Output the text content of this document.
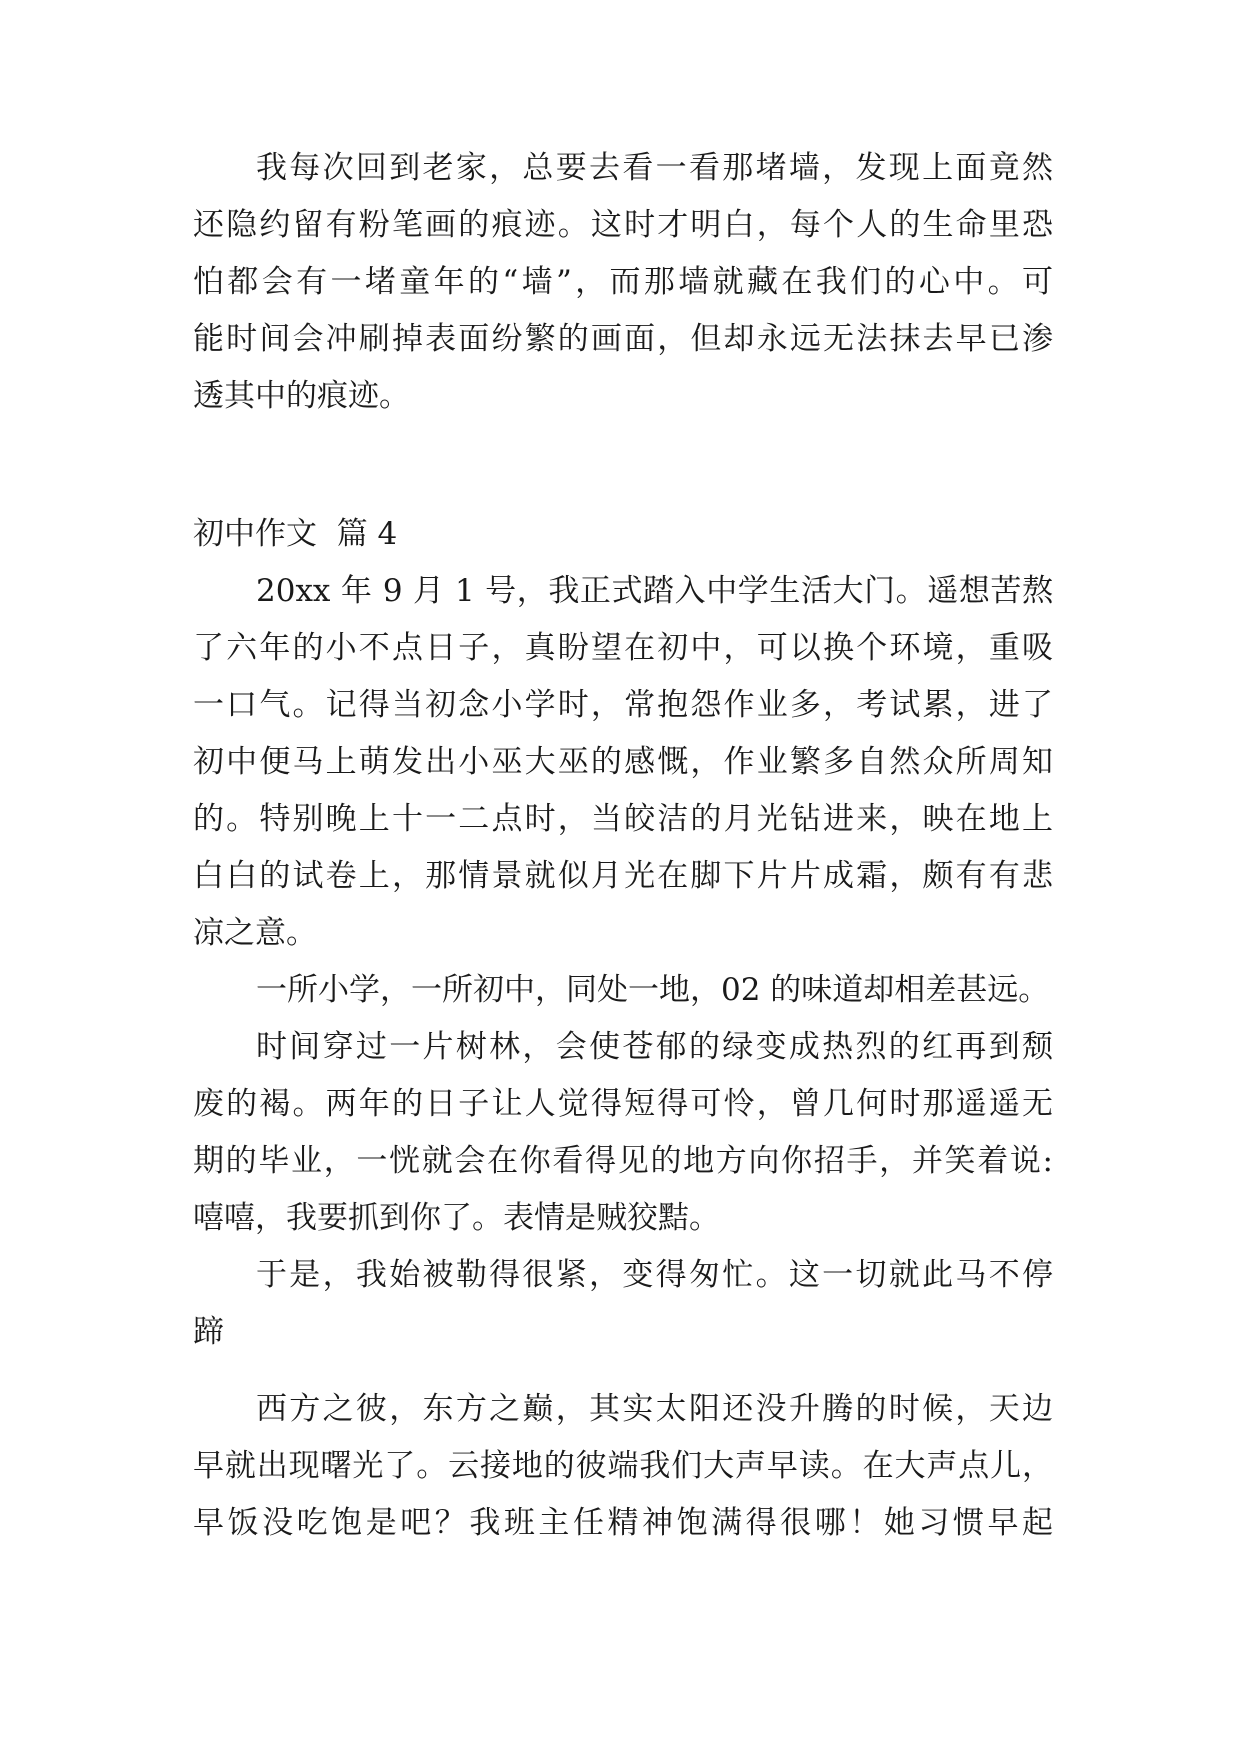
我每次回到老家，总要去看一看那堵墙，发现上面竟然
还隐约留有粉笔画的痕迹。这时才明白，每个人的生命里恐
怕都会有一堵童年的“墙”，而那墙就藏在我们的心中。可
能时间会冲刷掉表面纷繁的画面，但却永远无法抹去早已渗
透其中的痕迹。
初中作文  篇 4
20xx 年 9 月 1 号，我正式踏入中学生活大门。遥想苦熬
了六年的小不点日子，真盼望在初中，可以换个环境，重吸
一口气。记得当初念小学时，常抱怨作业多，考试累，进了
初中便马上萌发出小巫大巫的感慨，作业繁多自然众所周知
的。特别晚上十一二点时，当皎洁的月光钻进来，映在地上
白白的试卷上，那情景就似月光在脚下片片成霜，颇有有悲
凉之意。
一所小学，一所初中，同处一地，02 的味道却相差甚远。
时间穿过一片树林，会使苍郁的绿变成热烈的红再到颓
废的褐。两年的日子让人觉得短得可怜，曾几何时那遥遥无
期的毕业，一恍就会在你看得见的地方向你招手，并笑着说:
嘻嘻，我要抓到你了。表情是贼狡黠。
于是，我始被勒得很紧，变得匆忙。这一切就此马不停
蹄
西方之彼，东方之巅，其实太阳还没升腾的时候，天边
早就出现曙光了。云接地的彼端我们大声早读。在大声点儿，
早饭没吃饱是吧？我班主任精神饱满得很哪！她习惯早起
